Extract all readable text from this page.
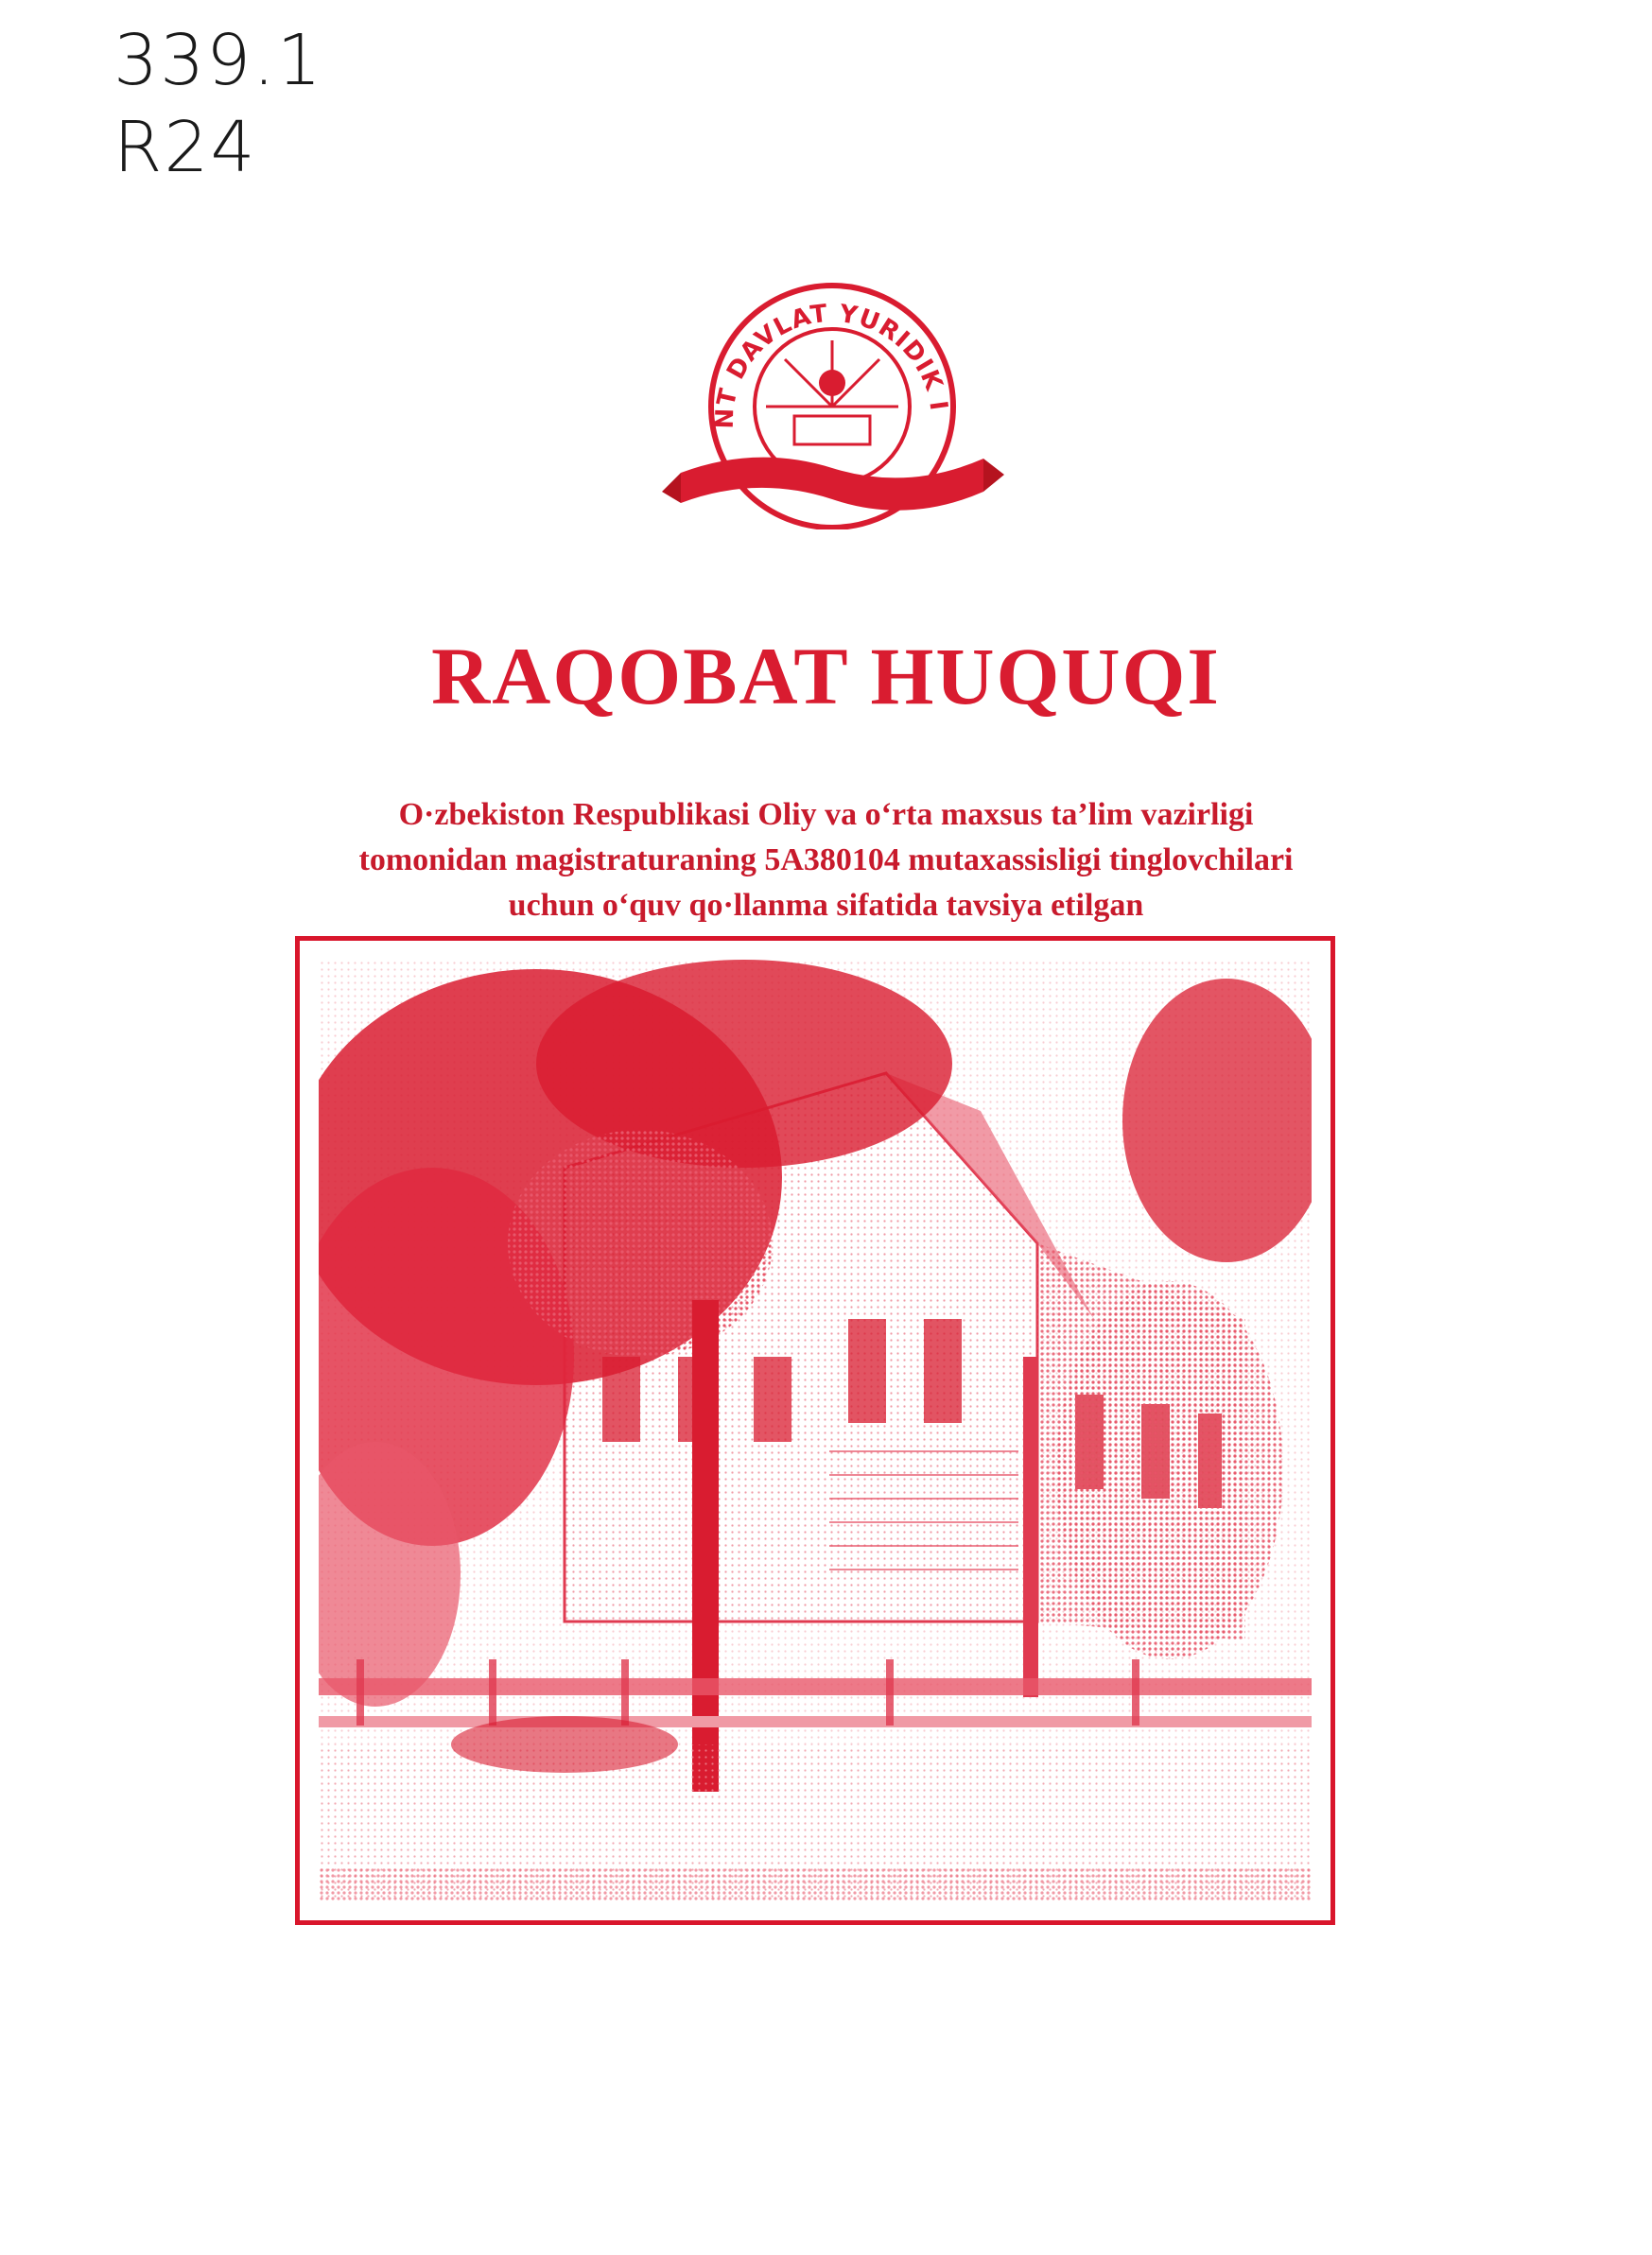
339.1
R24
NT DAVLAT YURIDIK I
RAQOBAT HUQUQI
O·zbekiston Respublikasi Oliy va o‘rta maxsus ta’lim vazirligi
tomonidan magistraturaning 5A380104 mutaxassisligi tinglovchilari
uchun o‘quv qo·llanma sifatida tavsiya etilgan
